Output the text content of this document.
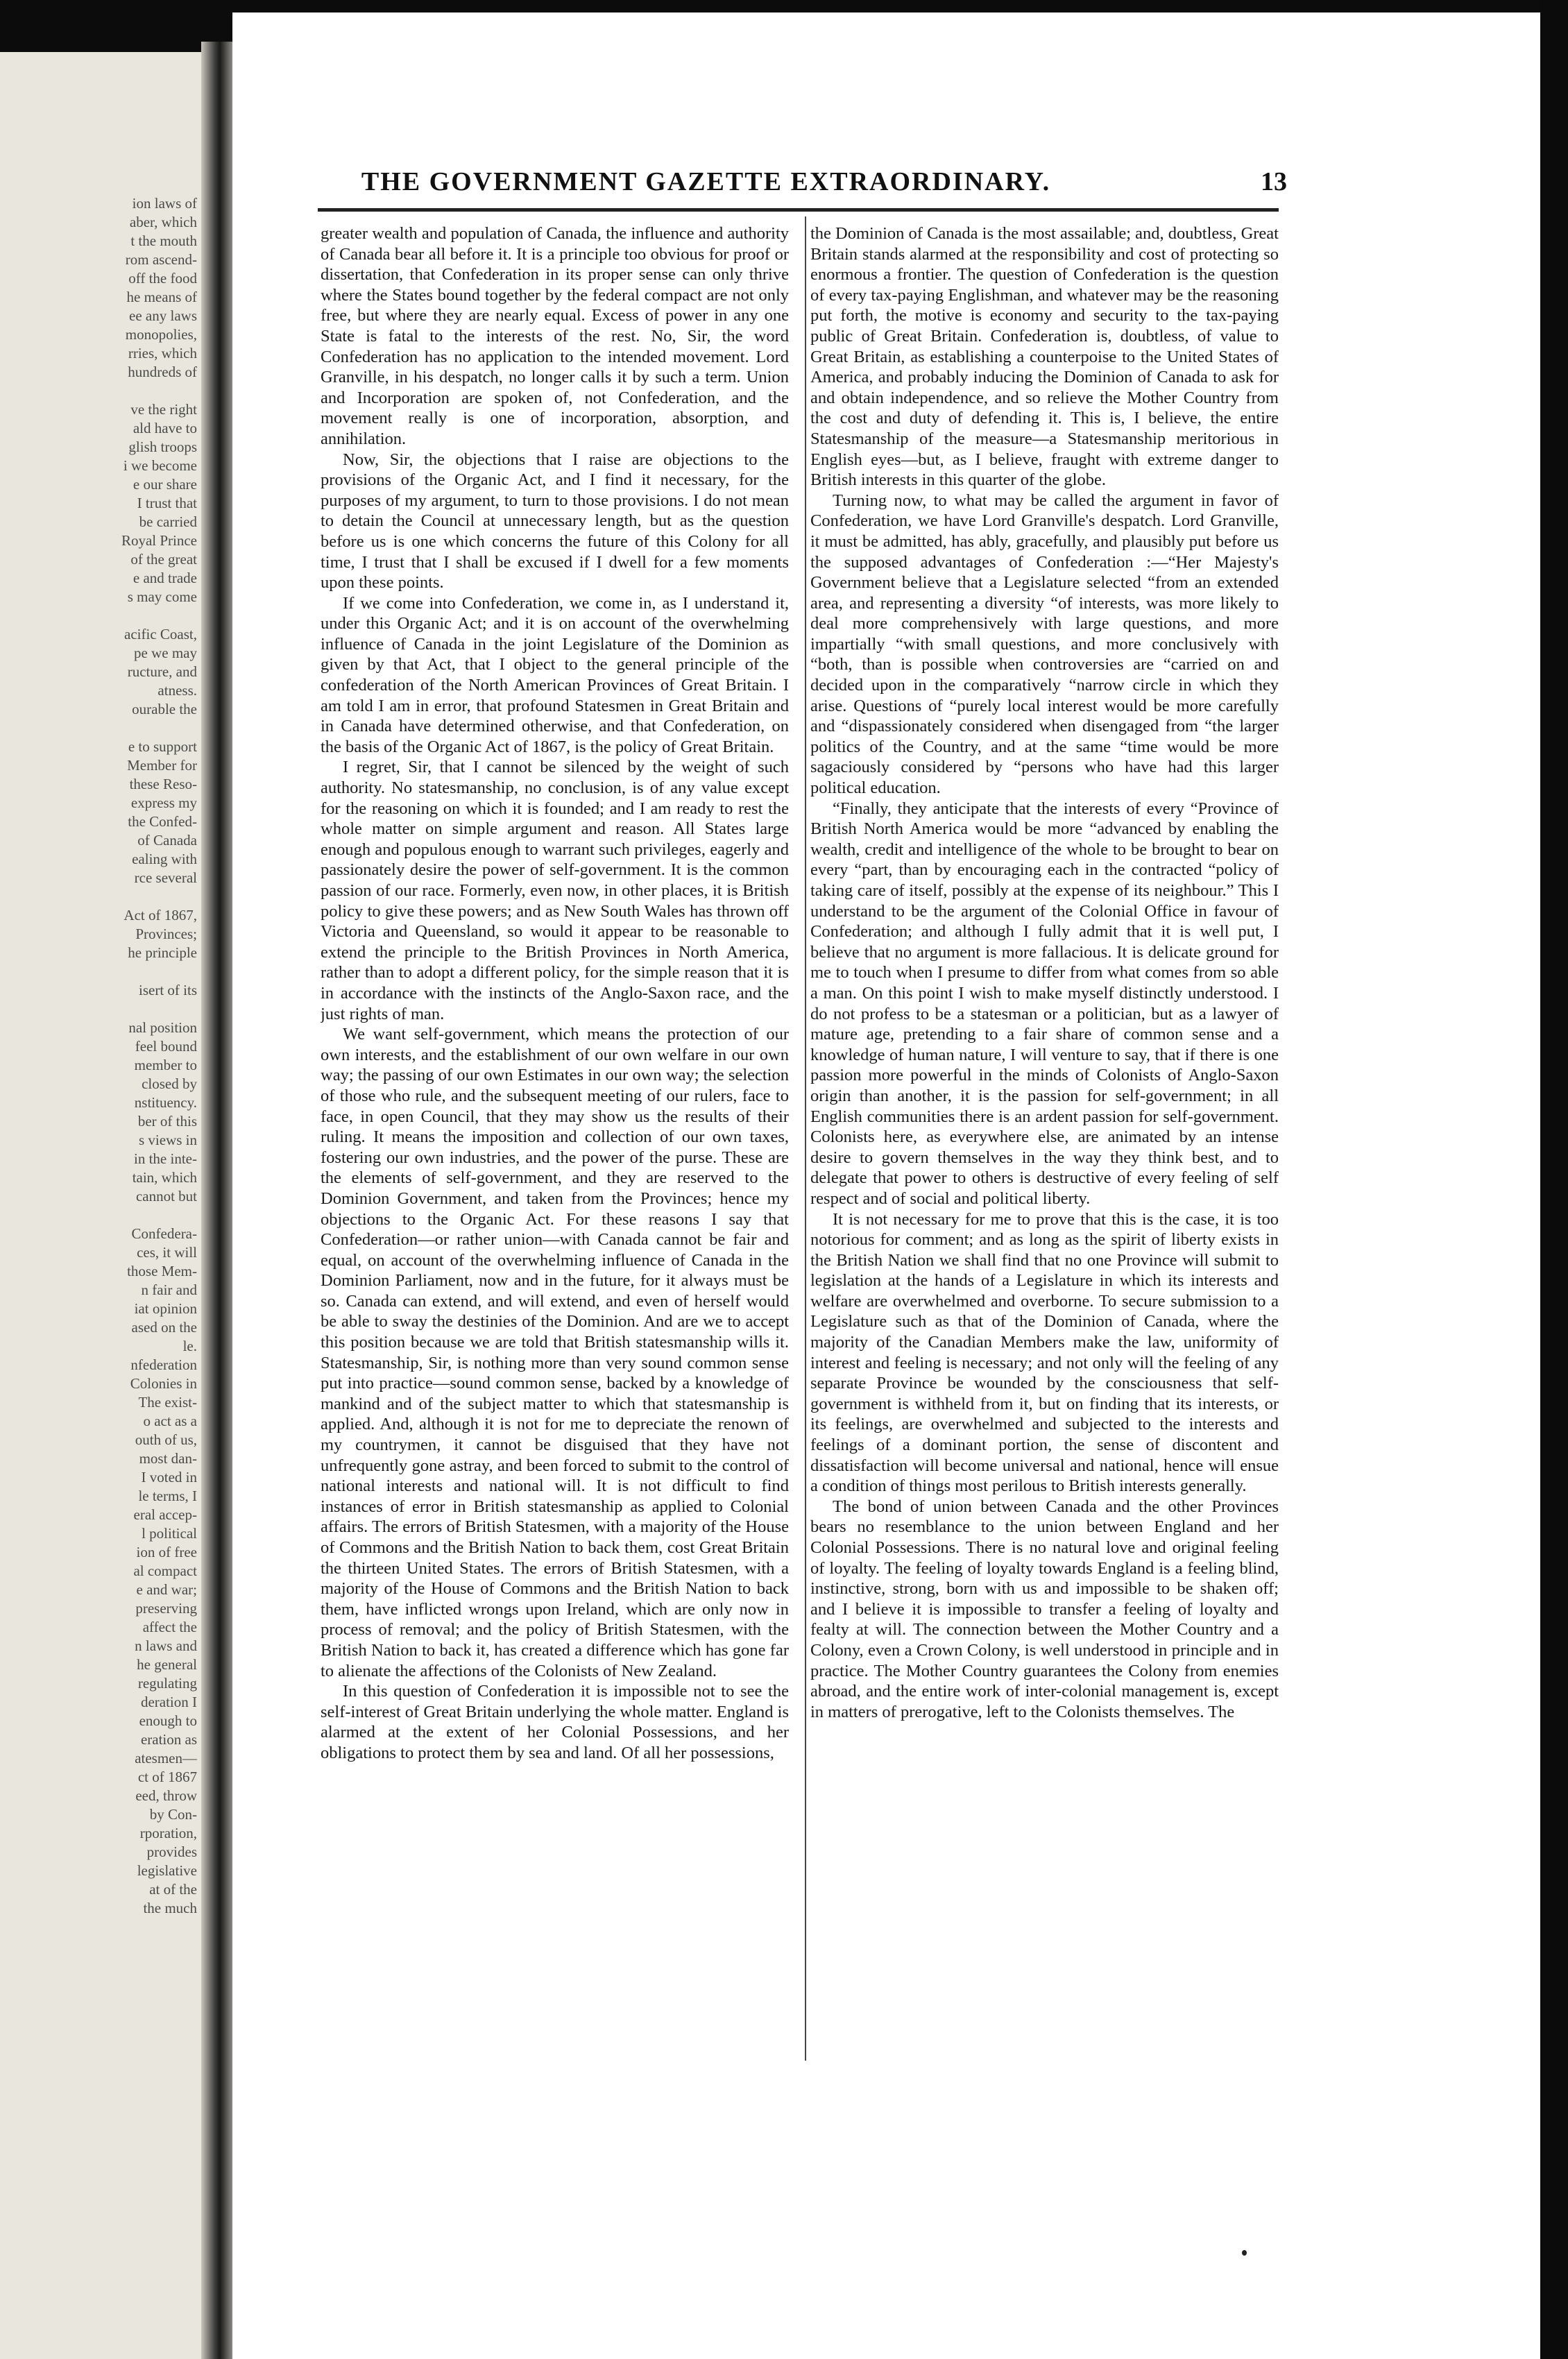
ion laws of
aber, which
t the mouth
rom ascend-
off the food
he means of
ee any laws
monopolies,
rries, which
hundreds of

ve the right
ald have to
glish troops
i we become
e our share
I trust that
be carried
Royal Prince
of the great
e and trade
s may come

acific Coast,
pe we may
ructure, and
atness.
ourable the

e to support
Member for
these Reso-
express my
the Confed-
of Canada
ealing with
rce several

Act of 1867,
Provinces;
he principle

isert of its

nal position
feel bound
member to
closed by
nstituency.
ber of this
s views in
in the inte-
tain, which
cannot but

Confedera-
ces, it will
those Mem-
n fair and
iat opinion
ased on the
le.
nfederation
Colonies in
The exist-
o act as a
outh of us,
most dan-
I voted in
le terms, I
eral accep-
l political
ion of free
al compact
e and war;
preserving
affect the
n laws and
he general
regulating
deration I
enough to
eration as
atesmen—
ct of 1867
eed, throw
by Con-
rporation,
provides
legislative
at of the
the much
THE GOVERNMENT GAZETTE EXTRAORDINARY.	13

greater wealth and population of Canada, the influence and authority of Canada bear all before it. It is a principle too obvious for proof or dissertation, that Confederation in its proper sense can only thrive where the States bound together by the federal compact are not only free, but where they are nearly equal. Excess of power in any one State is fatal to the interests of the rest. No, Sir, the word Confederation has no application to the intended movement. Lord Granville, in his despatch, no longer calls it by such a term. Union and Incorporation are spoken of, not Confederation, and the movement really is one of incorporation, absorption, and annihilation.

Now, Sir, the objections that I raise are objections to the provisions of the Organic Act, and I find it necessary, for the purposes of my argument, to turn to those provisions. I do not mean to detain the Council at unnecessary length, but as the question before us is one which concerns the future of this Colony for all time, I trust that I shall be excused if I dwell for a few moments upon these points.

If we come into Confederation, we come in, as I understand it, under this Organic Act; and it is on account of the overwhelming influence of Canada in the joint Legislature of the Dominion as given by that Act, that I object to the general principle of the confederation of the North American Provinces of Great Britain. I am told I am in error, that profound Statesmen in Great Britain and in Canada have determined otherwise, and that Confederation, on the basis of the Organic Act of 1867, is the policy of Great Britain.

I regret, Sir, that I cannot be silenced by the weight of such authority. No statesmanship, no conclusion, is of any value except for the reasoning on which it is founded; and I am ready to rest the whole matter on simple argument and reason. All States large enough and populous enough to warrant such privileges, eagerly and passionately desire the power of self-government. It is the common passion of our race. Formerly, even now, in other places, it is British policy to give these powers; and as New South Wales has thrown off Victoria and Queensland, so would it appear to be reasonable to extend the principle to the British Provinces in North America, rather than to adopt a different policy, for the simple reason that it is in accordance with the instincts of the Anglo-Saxon race, and the just rights of man.

We want self-government, which means the protection of our own interests, and the establishment of our own welfare in our own way; the passing of our own Estimates in our own way; the selection of those who rule, and the subsequent meeting of our rulers, face to face, in open Council, that they may show us the results of their ruling. It means the imposition and collection of our own taxes, fostering our own industries, and the power of the purse. These are the elements of self-government, and they are reserved to the Dominion Government, and taken from the Provinces; hence my objections to the Organic Act. For these reasons I say that Confederation—or rather union—with Canada cannot be fair and equal, on account of the overwhelming influence of Canada in the Dominion Parliament, now and in the future, for it always must be so. Canada can extend, and will extend, and even of herself would be able to sway the destinies of the Dominion. And are we to accept this position because we are told that British statesmanship wills it. Statesmanship, Sir, is nothing more than very sound common sense put into practice—sound common sense, backed by a knowledge of mankind and of the subject matter to which that statesmanship is applied. And, although it is not for me to depreciate the renown of my countrymen, it cannot be disguised that they have not unfrequently gone astray, and been forced to submit to the control of national interests and national will. It is not difficult to find instances of error in British statesmanship as applied to Colonial affairs. The errors of British Statesmen, with a majority of the House of Commons and the British Nation to back them, cost Great Britain the thirteen United States. The errors of British Statesmen, with a majority of the House of Commons and the British Nation to back them, have inflicted wrongs upon Ireland, which are only now in process of removal; and the policy of British Statesmen, with the British Nation to back it, has created a difference which has gone far to alienate the affections of the Colonists of New Zealand.

In this question of Confederation it is impossible not to see the self-interest of Great Britain underlying the whole matter. England is alarmed at the extent of her Colonial Possessions, and her obligations to protect them by sea and land. Of all her possessions,

the Dominion of Canada is the most assailable; and, doubtless, Great Britain stands alarmed at the responsibility and cost of protecting so enormous a frontier. The question of Confederation is the question of every tax-paying Englishman, and whatever may be the reasoning put forth, the motive is economy and security to the tax-paying public of Great Britain. Confederation is, doubtless, of value to Great Britain, as establishing a counterpoise to the United States of America, and probably inducing the Dominion of Canada to ask for and obtain independence, and so relieve the Mother Country from the cost and duty of defending it. This is, I believe, the entire Statesmanship of the measure—a Statesmanship meritorious in English eyes—but, as I believe, fraught with extreme danger to British interests in this quarter of the globe.

Turning now, to what may be called the argument in favor of Confederation, we have Lord Granville's despatch. Lord Granville, it must be admitted, has ably, gracefully, and plausibly put before us the supposed advantages of Confederation :—“Her Majesty's Government believe that a Legislature selected “from an extended area, and representing a diversity “of interests, was more likely to deal more comprehensively with large questions, and more impartially “with small questions, and more conclusively with “both, than is possible when controversies are “carried on and decided upon in the comparatively “narrow circle in which they arise. Questions of “purely local interest would be more carefully and “dispassionately considered when disengaged from “the larger politics of the Country, and at the same “time would be more sagaciously considered by “persons who have had this larger political education.

“Finally, they anticipate that the interests of every “Province of British North America would be more “advanced by enabling the wealth, credit and intelligence of the whole to be brought to bear on every “part, than by encouraging each in the contracted “policy of taking care of itself, possibly at the expense of its neighbour.” This I understand to be the argument of the Colonial Office in favour of Confederation; and although I fully admit that it is well put, I believe that no argument is more fallacious. It is delicate ground for me to touch when I presume to differ from what comes from so able a man. On this point I wish to make myself distinctly understood. I do not profess to be a statesman or a politician, but as a lawyer of mature age, pretending to a fair share of common sense and a knowledge of human nature, I will venture to say, that if there is one passion more powerful in the minds of Colonists of Anglo-Saxon origin than another, it is the passion for self-government; in all English communities there is an ardent passion for self-government. Colonists here, as everywhere else, are animated by an intense desire to govern themselves in the way they think best, and to delegate that power to others is destructive of every feeling of self respect and of social and political liberty.

It is not necessary for me to prove that this is the case, it is too notorious for comment; and as long as the spirit of liberty exists in the British Nation we shall find that no one Province will submit to legislation at the hands of a Legislature in which its interests and welfare are overwhelmed and overborne. To secure submission to a Legislature such as that of the Dominion of Canada, where the majority of the Canadian Members make the law, uniformity of interest and feeling is necessary; and not only will the feeling of any separate Province be wounded by the consciousness that self-government is withheld from it, but on finding that its interests, or its feelings, are overwhelmed and subjected to the interests and feelings of a dominant portion, the sense of discontent and dissatisfaction will become universal and national, hence will ensue a condition of things most perilous to British interests generally.

The bond of union between Canada and the other Provinces bears no resemblance to the union between England and her Colonial Possessions. There is no natural love and original feeling of loyalty. The feeling of loyalty towards England is a feeling blind, instinctive, strong, born with us and impossible to be shaken off; and I believe it is impossible to transfer a feeling of loyalty and fealty at will. The connection between the Mother Country and a Colony, even a Crown Colony, is well understood in principle and in practice. The Mother Country guarantees the Colony from enemies abroad, and the entire work of inter-colonial management is, except in matters of prerogative, left to the Colonists themselves. The
